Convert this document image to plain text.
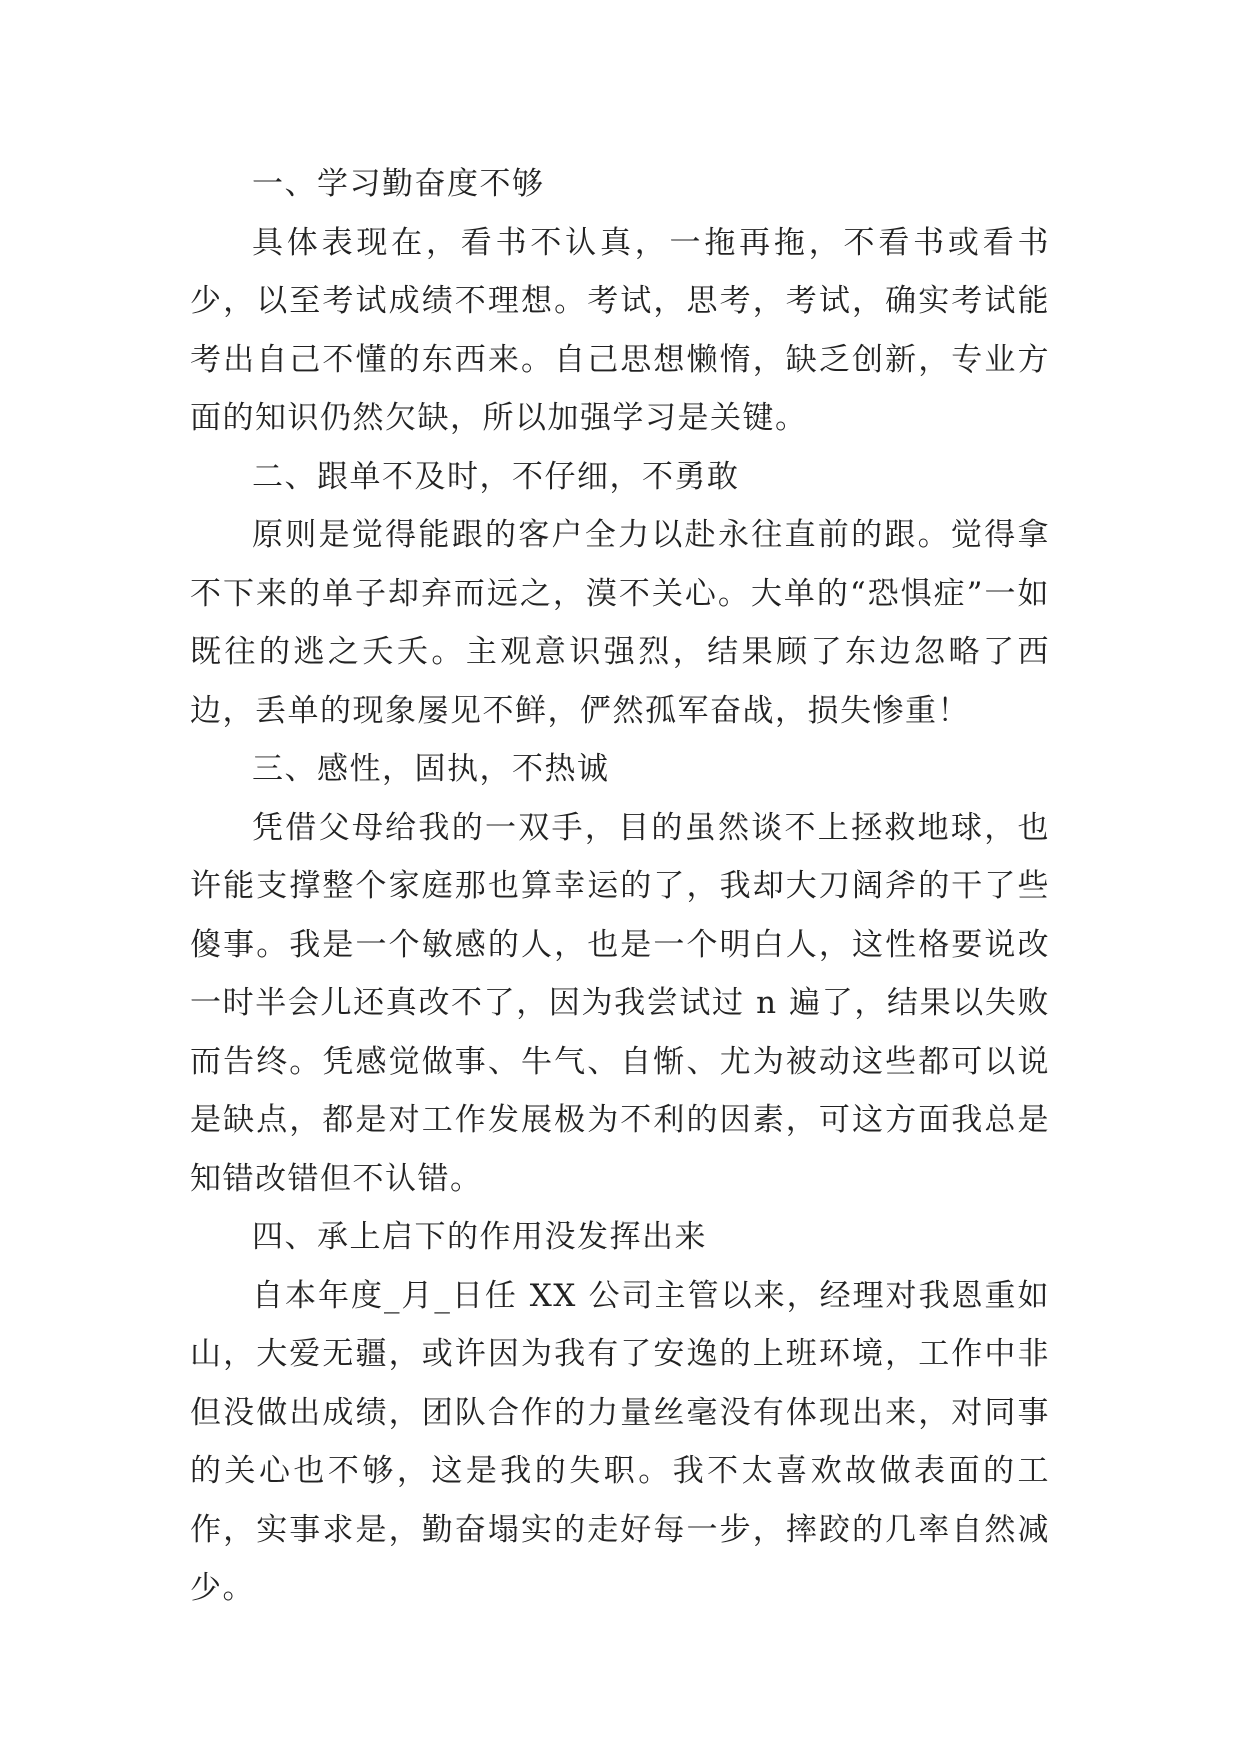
一、学习勤奋度不够

具体表现在，看书不认真，一拖再拖，不看书或看书少，以至考试成绩不理想。考试，思考，考试，确实考试能考出自己不懂的东西来。自己思想懒惰，缺乏创新，专业方面的知识仍然欠缺，所以加强学习是关键。

二、跟单不及时，不仔细，不勇敢

原则是觉得能跟的客户全力以赴永往直前的跟。觉得拿不下来的单子却弃而远之，漠不关心。大单的“恐惧症”一如既往的逃之夭夭。主观意识强烈，结果顾了东边忽略了西边，丢单的现象屡见不鲜，俨然孤军奋战，损失惨重！

三、感性，固执，不热诚

凭借父母给我的一双手，目的虽然谈不上拯救地球，也许能支撑整个家庭那也算幸运的了，我却大刀阔斧的干了些傻事。我是一个敏感的人，也是一个明白人，这性格要说改一时半会儿还真改不了，因为我尝试过 n 遍了，结果以失败而告终。凭感觉做事、牛气、自惭、尤为被动这些都可以说是缺点，都是对工作发展极为不利的因素，可这方面我总是知错改错但不认错。

四、承上启下的作用没发挥出来

自本年度_月_日任 XX 公司主管以来，经理对我恩重如山，大爱无疆，或许因为我有了安逸的上班环境，工作中非但没做出成绩，团队合作的力量丝毫没有体现出来，对同事的关心也不够，这是我的失职。我不太喜欢故做表面的工作，实事求是，勤奋塌实的走好每一步，摔跤的几率自然减少。
